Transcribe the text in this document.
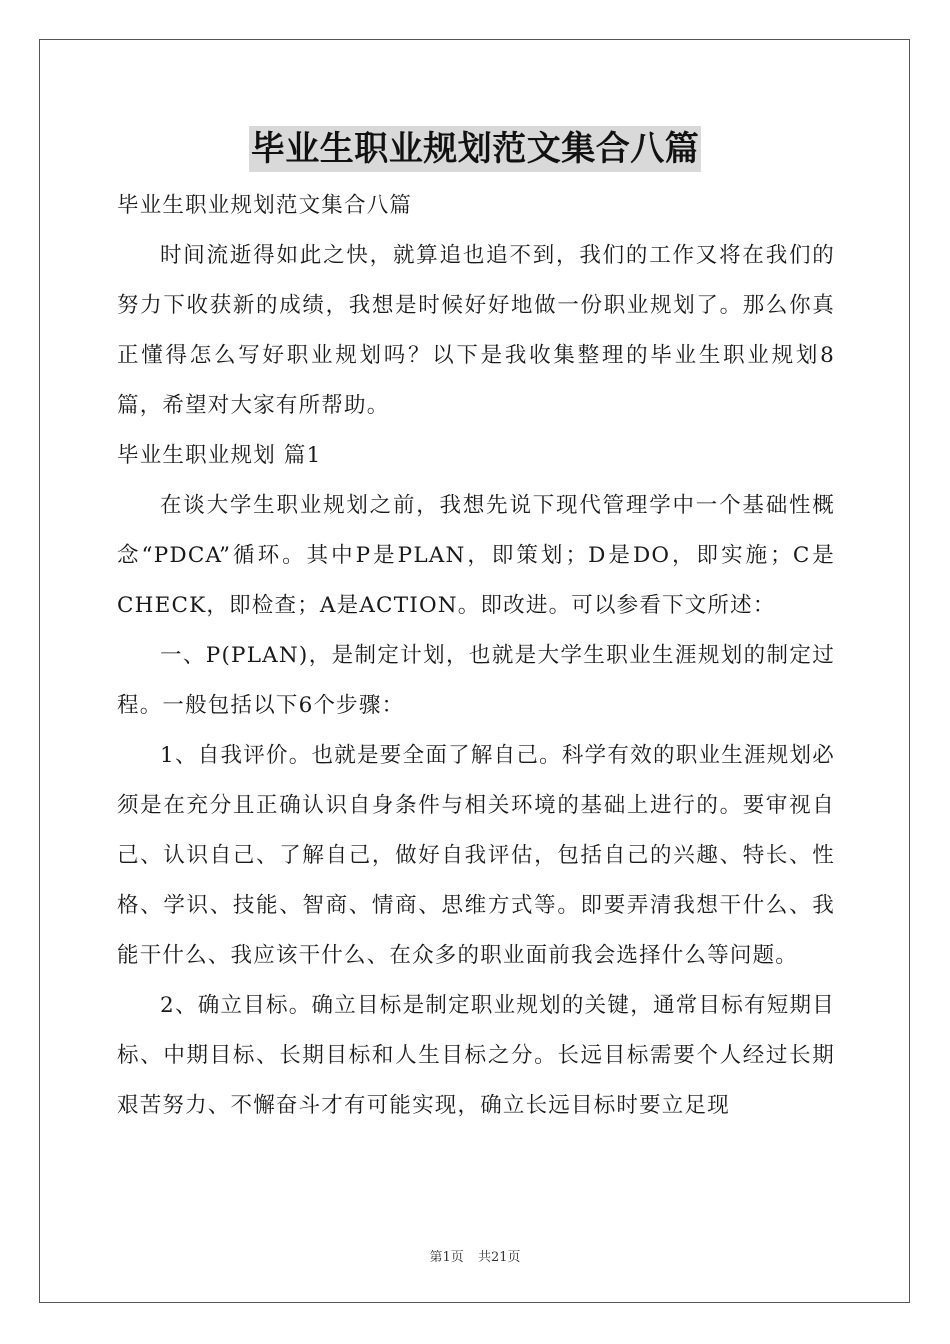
毕业生职业规划范文集合八篇

毕业生职业规划范文集合八篇

时间流逝得如此之快，就算追也追不到，我们的工作又将在我们的努力下收获新的成绩，我想是时候好好地做一份职业规划了。那么你真正懂得怎么写好职业规划吗？以下是我收集整理的毕业生职业规划8篇，希望对大家有所帮助。

毕业生职业规划 篇1

在谈大学生职业规划之前，我想先说下现代管理学中一个基础性概念“PDCA”循环。其中P是PLAN，即策划；D是DO，即实施；C是CHECK，即检查；A是ACTION。即改进。可以参看下文所述：

一、P(PLAN)，是制定计划，也就是大学生职业生涯规划的制定过程。一般包括以下6个步骤：

1、自我评价。也就是要全面了解自己。科学有效的职业生涯规划必须是在充分且正确认识自身条件与相关环境的基础上进行的。要审视自己、认识自己、了解自己，做好自我评估，包括自己的兴趣、特长、性格、学识、技能、智商、情商、思维方式等。即要弄清我想干什么、我能干什么、我应该干什么、在众多的职业面前我会选择什么等问题。

2、确立目标。确立目标是制定职业规划的关键，通常目标有短期目标、中期目标、长期目标和人生目标之分。长远目标需要个人经过长期艰苦努力、不懈奋斗才有可能实现，确立长远目标时要立足现

第1页 共21页
